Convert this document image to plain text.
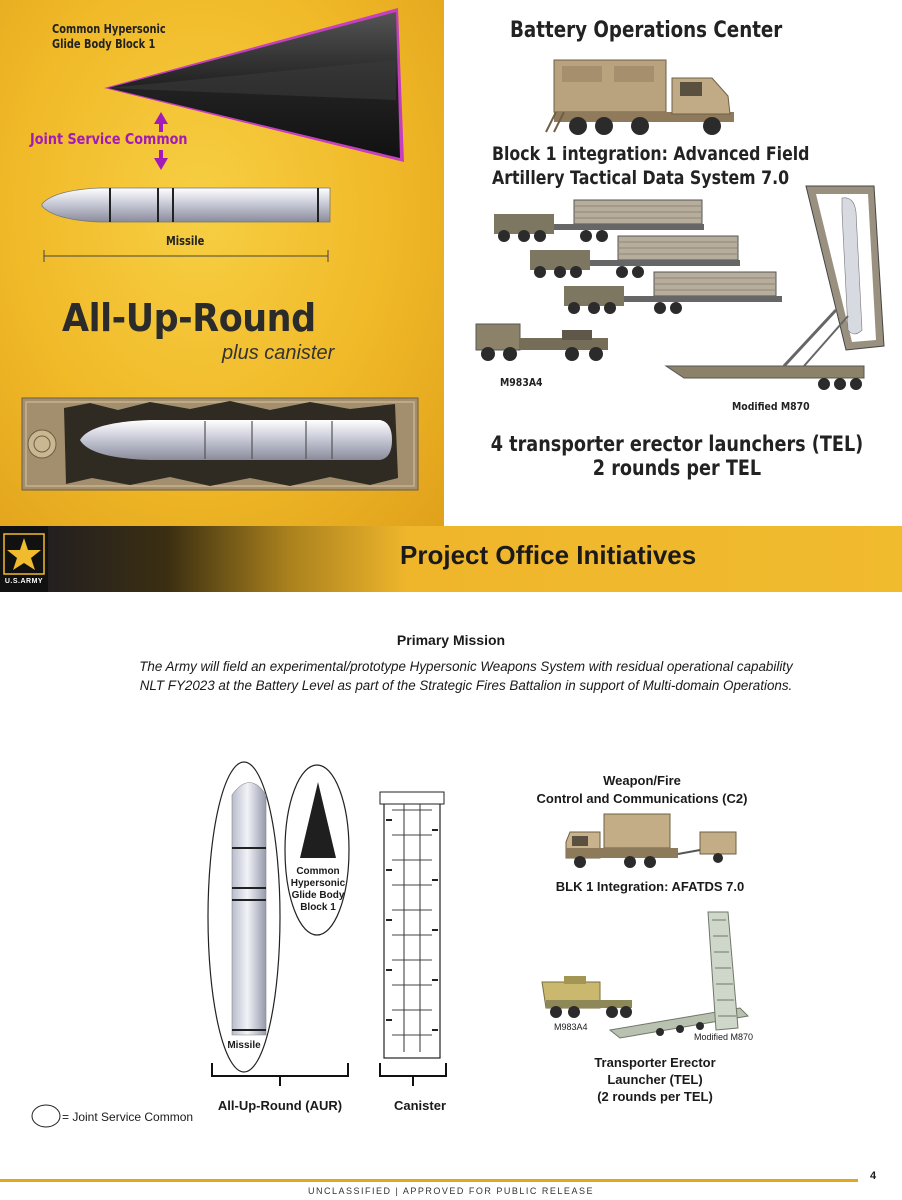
Common Hypersonic
Glide Body Block 1
Joint Service Common
Missile
All-Up-Round
plus canister
Battery Operations Center
Block 1 integration: Advanced Field
Artillery Tactical Data System 7.0
M983A4
Modified M870
4 transporter erector launchers (TEL)
2 rounds per TEL
U.S.ARMY
Project Office Initiatives
Primary Mission
The Army will field an experimental/prototype Hypersonic Weapons System with residual operational capability
NLT FY2023 at the Battery Level as part of the Strategic Fires Battalion in support of Multi-domain Operations.
Common
Hypersonic
Glide Body
Block 1
Missile
All-Up-Round (AUR)	Canister
= Joint Service Common
Weapon/Fire
Control and Communications (C2)
BLK 1 Integration: AFATDS 7.0
M983A4
Modified M870
Transporter Erector
Launcher (TEL)
(2 rounds per TEL)
4
UNCLASSIFIED | APPROVED FOR PUBLIC RELEASE
